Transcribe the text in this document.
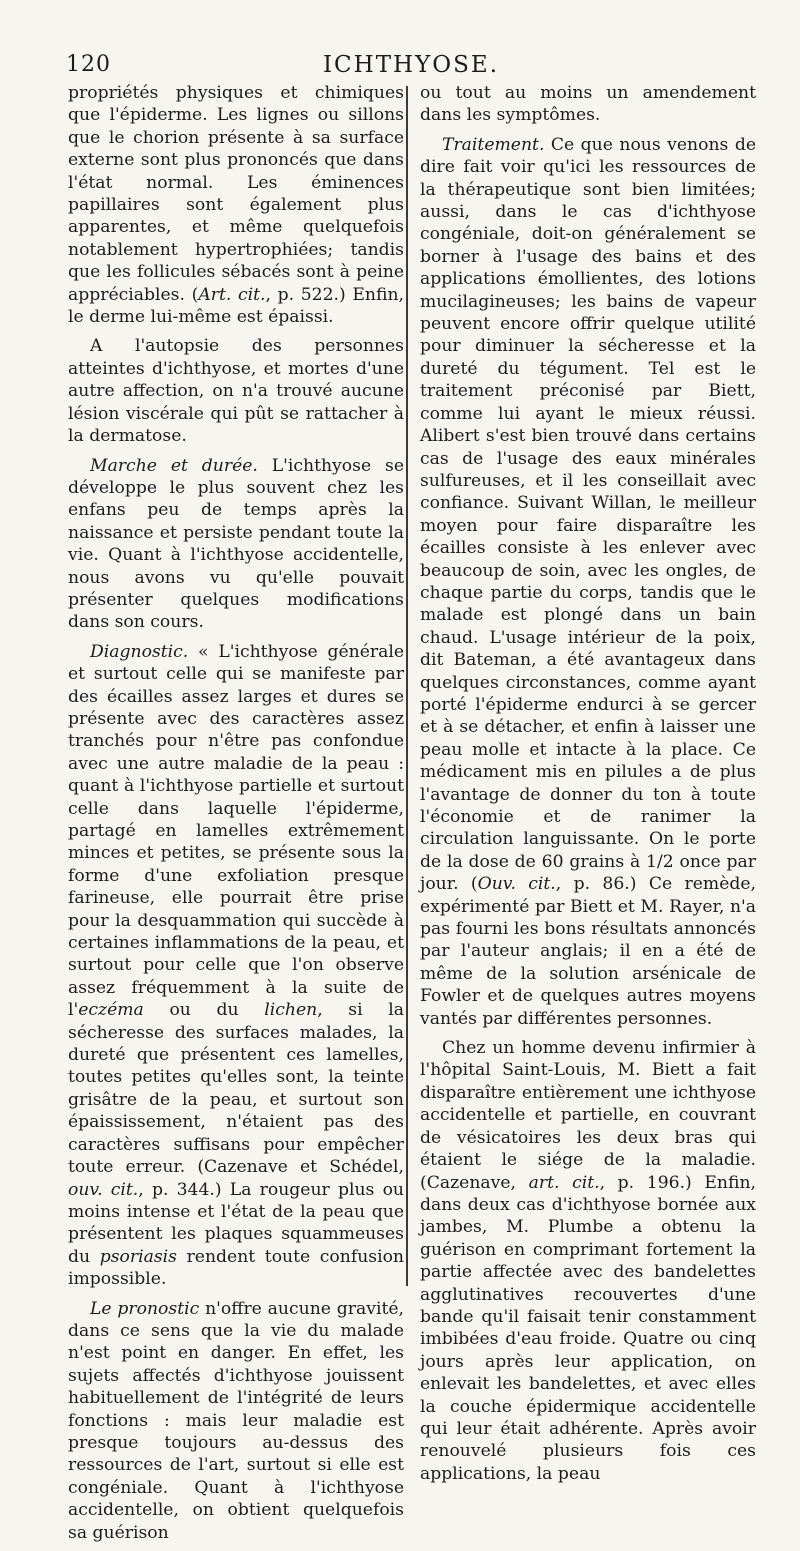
120	ICHTHYOSE.

propriétés physiques et chimiques que l'épiderme. Les lignes ou sillons que le chorion présente à sa surface externe sont plus prononcés que dans l'état normal. Les éminences papillaires sont également plus apparentes, et même quelquefois notablement hypertrophiées; tandis que les follicules sébacés sont à peine appréciables. (Art. cit., p. 522.) Enfin, le derme lui-même est épaissi.

A l'autopsie des personnes atteintes d'ichthyose, et mortes d'une autre affection, on n'a trouvé aucune lésion viscérale qui pût se rattacher à la dermatose.

Marche et durée. L'ichthyose se développe le plus souvent chez les enfans peu de temps après la naissance et persiste pendant toute la vie. Quant à l'ichthyose accidentelle, nous avons vu qu'elle pouvait présenter quelques modifications dans son cours.

Diagnostic. « L'ichthyose générale et surtout celle qui se manifeste par des écailles assez larges et dures se présente avec des caractères assez tranchés pour n'être pas confondue avec une autre maladie de la peau : quant à l'ichthyose partielle et surtout celle dans laquelle l'épiderme, partagé en lamelles extrêmement minces et petites, se présente sous la forme d'une exfoliation presque farineuse, elle pourrait être prise pour la desquammation qui succède à certaines inflammations de la peau, et surtout pour celle que l'on observe assez fréquemment à la suite de l'eczéma ou du lichen, si la sécheresse des surfaces malades, la dureté que présentent ces lamelles, toutes petites qu'elles sont, la teinte grisâtre de la peau, et surtout son épaississement, n'étaient pas des caractères suffisans pour empêcher toute erreur. (Cazenave et Schédel, ouv. cit., p. 344.) La rougeur plus ou moins intense et l'état de la peau que présentent les plaques squammeuses du psoriasis rendent toute confusion impossible.

Le pronostic n'offre aucune gravité, dans ce sens que la vie du malade n'est point en danger. En effet, les sujets affectés d'ichthyose jouissent habituellement de l'intégrité de leurs fonctions : mais leur maladie est presque toujours au-dessus des ressources de l'art, surtout si elle est congéniale. Quant à l'ichthyose accidentelle, on obtient quelquefois sa guérison

ou tout au moins un amendement dans les symptômes.

Traitement. Ce que nous venons de dire fait voir qu'ici les ressources de la thérapeutique sont bien limitées; aussi, dans le cas d'ichthyose congéniale, doit-on généralement se borner à l'usage des bains et des applications émollientes, des lotions mucilagineuses; les bains de vapeur peuvent encore offrir quelque utilité pour diminuer la sécheresse et la dureté du tégument. Tel est le traitement préconisé par Biett, comme lui ayant le mieux réussi. Alibert s'est bien trouvé dans certains cas de l'usage des eaux minérales sulfureuses, et il les conseillait avec confiance. Suivant Willan, le meilleur moyen pour faire disparaître les écailles consiste à les enlever avec beaucoup de soin, avec les ongles, de chaque partie du corps, tandis que le malade est plongé dans un bain chaud. L'usage intérieur de la poix, dit Bateman, a été avantageux dans quelques circonstances, comme ayant porté l'épiderme endurci à se gercer et à se détacher, et enfin à laisser une peau molle et intacte à la place. Ce médicament mis en pilules a de plus l'avantage de donner du ton à toute l'économie et de ranimer la circulation languissante. On le porte de la dose de 60 grains à 1/2 once par jour. (Ouv. cit., p. 86.) Ce remède, expérimenté par Biett et M. Rayer, n'a pas fourni les bons résultats annoncés par l'auteur anglais; il en a été de même de la solution arsénicale de Fowler et de quelques autres moyens vantés par différentes personnes.

Chez un homme devenu infirmier à l'hôpital Saint-Louis, M. Biett a fait disparaître entièrement une ichthyose accidentelle et partielle, en couvrant de vésicatoires les deux bras qui étaient le siége de la maladie. (Cazenave, art. cit., p. 196.) Enfin, dans deux cas d'ichthyose bornée aux jambes, M. Plumbe a obtenu la guérison en comprimant fortement la partie affectée avec des bandelettes agglutinatives recouvertes d'une bande qu'il faisait tenir constamment imbibées d'eau froide. Quatre ou cinq jours après leur application, on enlevait les bandelettes, et avec elles la couche épidermique accidentelle qui leur était adhérente. Après avoir renouvelé plusieurs fois ces applications, la peau
